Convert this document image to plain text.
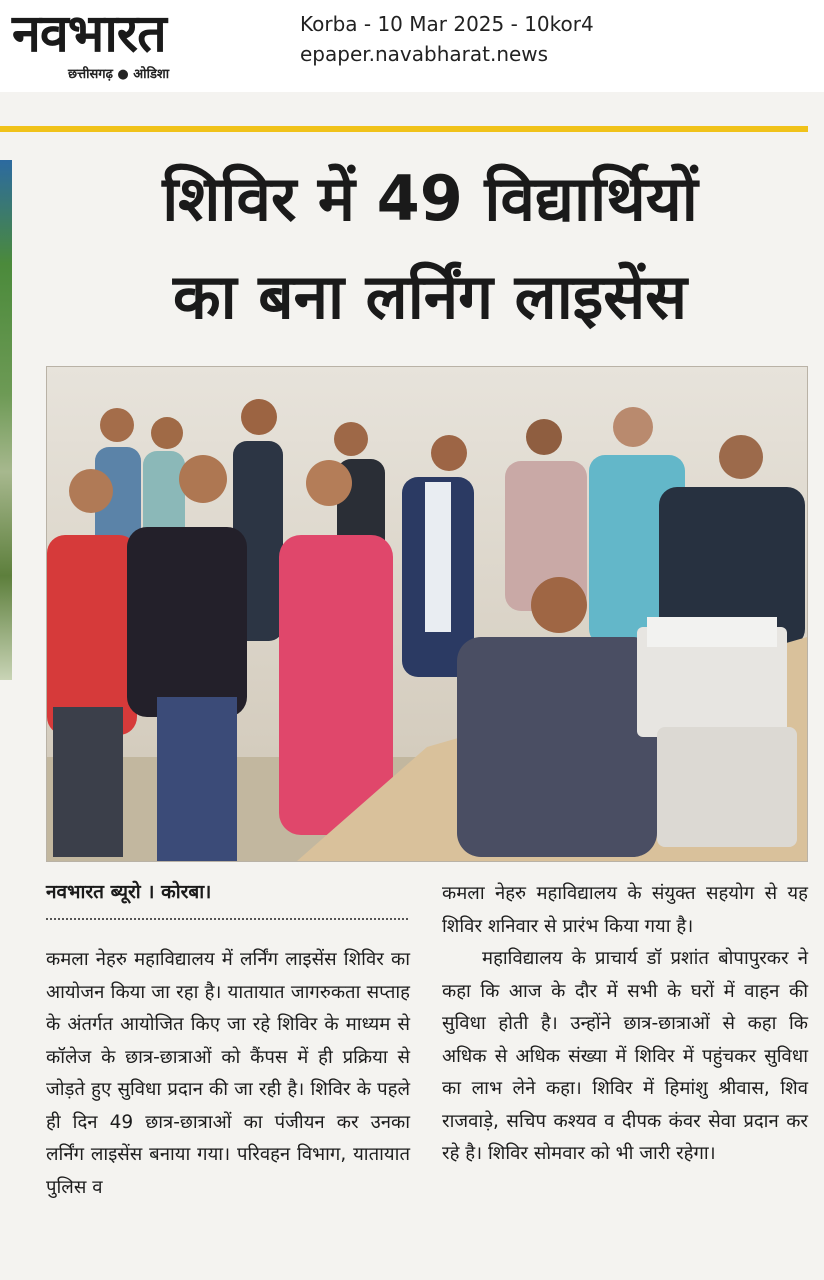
नवभारत
छत्तीसगढ़ ● ओडिशा
Korba - 10 Mar 2025 - 10kor4
epaper.navabharat.news
शिविर में 49 विद्यार्थियों
का बना लर्निंग लाइसेंस
नवभारत ब्यूरो । कोरबा।
कमला नेहरु महाविद्यालय में लर्निंग लाइसेंस शिविर का आयोजन किया जा रहा है। यातायात जागरुकता सप्ताह के अंतर्गत आयोजित किए जा रहे शिविर के माध्यम से कॉलेज के छात्र-छात्राओं को कैंपस में ही प्रक्रिया से जोड़ते हुए सुविधा प्रदान की जा रही है। शिविर के पहले ही दिन 49 छात्र-छात्राओं का पंजीयन कर उनका लर्निंग लाइसेंस बनाया गया। परिवहन विभाग, यातायात पुलिस व
कमला नेहरु महाविद्यालय के संयुक्त सहयोग से यह शिविर शनिवार से प्रारंभ किया गया है।
महाविद्यालय के प्राचार्य डॉ प्रशांत बोपापुरकर ने कहा कि आज के दौर में सभी के घरों में वाहन की सुविधा होती है। उन्होंने छात्र-छात्राओं से कहा कि अधिक से अधिक संख्या में शिविर में पहुंचकर सुविधा का लाभ लेने कहा। शिविर में हिमांशु श्रीवास, शिव राजवाड़े, सचिप कश्यव व दीपक कंवर सेवा प्रदान कर रहे है। शिविर सोमवार को भी जारी रहेगा।
